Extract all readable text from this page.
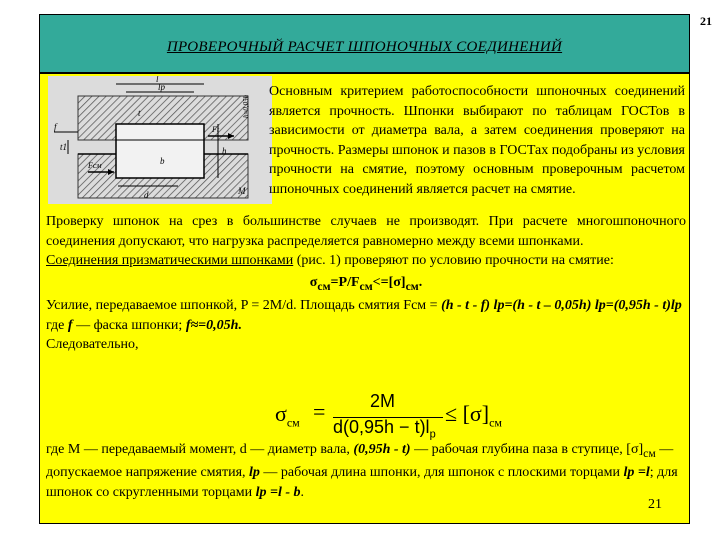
21
ПРОВЕРОЧНЫЙ РАСЧЕТ ШПОНОЧНЫХ СОЕДИНЕНИЙ
l
lp
t1
f
h
b
Fсм
Ft
d
h≈0,05h
t
M
Основным критерием работоспособности шпоночных соединений является прочность. Шпонки выбирают по таблицам ГОСТов в зависимости от диаметра вала, а затем соединения проверяют на прочность. Размеры шпонок и пазов в ГОСТах подобраны из условия прочности на смятие, поэтому основным проверочным расчетом шпоночных соединений является расчет на смятие.
Проверку шпонок на срез в большинстве случаев не производят. При расчете многошпоночного соединения допускают, что нагрузка распределяется равномерно между всеми шпонками.
Соединения призматическими шпонками (рис. 1) проверяют по условию прочности на смятие:
$\sigma_{см}=P/F_{см}<=[\sigma]_{см}$.
Усилие, передаваемое шпонкой, P = 2M/d. Площадь смятия Fсм = (h - t - f) lp=(h - t – 0,05h) lp=(0,95h - t)lp
где f — фаска шпонки; f≈=0,05h.
Следовательно,
$\sigma_{см} = 2M$
$d(0,95h - t)l_p$
≤ $[\sigma]_{см}$
где M — передаваемый момент, d — диаметр вала, (0,95h - t) — рабочая глубина паза в ступице, $[\sigma]_{см}$ — допускаемое напряжение смятия, lp — рабочая длина шпонки, для шпонок с плоскими торцами lp =l; для шпонок со скругленными торцами lp =l - b.
21
